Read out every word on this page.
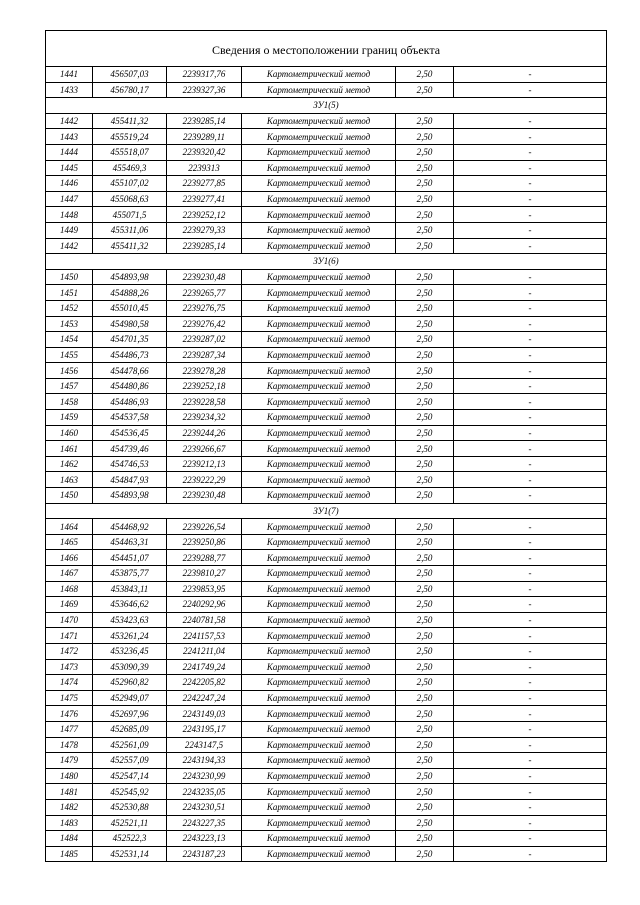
Сведения о местоположении границ объекта					
1441	456507,03	2239317,76	Картометрический метод	2,50	-
1433	456780,17	2239327,36	Картометрический метод	2,50	-
ЗУ1(5)					
1442	455411,32	2239285,14	Картометрический метод	2,50	-
1443	455519,24	2239289,11	Картометрический метод	2,50	-
1444	455518,07	2239320,42	Картометрический метод	2,50	-
1445	455469,3	2239313	Картометрический метод	2,50	-
1446	455107,02	2239277,85	Картометрический метод	2,50	-
1447	455068,63	2239277,41	Картометрический метод	2,50	-
1448	455071,5	2239252,12	Картометрический метод	2,50	-
1449	455311,06	2239279,33	Картометрический метод	2,50	-
1442	455411,32	2239285,14	Картометрический метод	2,50	-
ЗУ1(6)					
1450	454893,98	2239230,48	Картометрический метод	2,50	-
1451	454888,26	2239265,77	Картометрический метод	2,50	-
1452	455010,45	2239276,75	Картометрический метод	2,50	-
1453	454980,58	2239276,42	Картометрический метод	2,50	-
1454	454701,35	2239287,02	Картометрический метод	2,50	-
1455	454486,73	2239287,34	Картометрический метод	2,50	-
1456	454478,66	2239278,28	Картометрический метод	2,50	-
1457	454480,86	2239252,18	Картометрический метод	2,50	-
1458	454486,93	2239228,58	Картометрический метод	2,50	-
1459	454537,58	2239234,32	Картометрический метод	2,50	-
1460	454536,45	2239244,26	Картометрический метод	2,50	-
1461	454739,46	2239266,67	Картометрический метод	2,50	-
1462	454746,53	2239212,13	Картометрический метод	2,50	-
1463	454847,93	2239222,29	Картометрический метод	2,50	-
1450	454893,98	2239230,48	Картометрический метод	2,50	-
ЗУ1(7)					
1464	454468,92	2239226,54	Картометрический метод	2,50	-
1465	454463,31	2239250,86	Картометрический метод	2,50	-
1466	454451,07	2239288,77	Картометрический метод	2,50	-
1467	453875,77	2239810,27	Картометрический метод	2,50	-
1468	453843,11	2239853,95	Картометрический метод	2,50	-
1469	453646,62	2240292,96	Картометрический метод	2,50	-
1470	453423,63	2240781,58	Картометрический метод	2,50	-
1471	453261,24	2241157,53	Картометрический метод	2,50	-
1472	453236,45	2241211,04	Картометрический метод	2,50	-
1473	453090,39	2241749,24	Картометрический метод	2,50	-
1474	452960,82	2242205,82	Картометрический метод	2,50	-
1475	452949,07	2242247,24	Картометрический метод	2,50	-
1476	452697,96	2243149,03	Картометрический метод	2,50	-
1477	452685,09	2243195,17	Картометрический метод	2,50	-
1478	452561,09	2243147,5	Картометрический метод	2,50	-
1479	452557,09	2243194,33	Картометрический метод	2,50	-
1480	452547,14	2243230,99	Картометрический метод	2,50	-
1481	452545,92	2243235,05	Картометрический метод	2,50	-
1482	452530,88	2243230,51	Картометрический метод	2,50	-
1483	452521,11	2243227,35	Картометрический метод	2,50	-
1484	452522,3	2243223,13	Картометрический метод	2,50	-
1485	452531,14	2243187,23	Картометрический метод	2,50	-
